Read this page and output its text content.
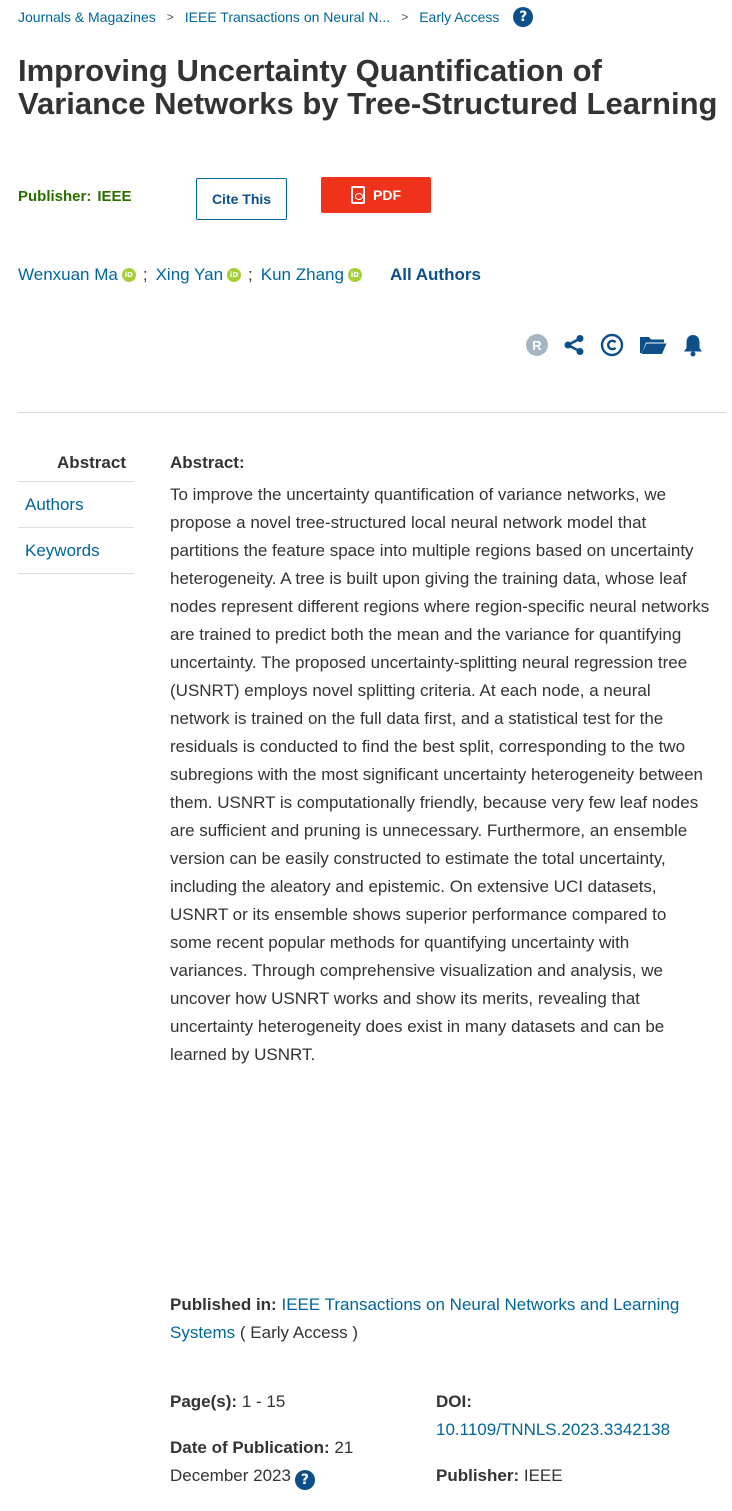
Journals & Magazines > IEEE Transactions on Neural N... > Early Access	?
Improving Uncertainty Quantification of Variance Networks by Tree-Structured Learning
Publisher: IEEE	Cite This	PDF
Wenxuan Ma iD ; Xing Yan iD ; Kun Zhang iD All Authors
R
Abstract
Authors
Keywords
Abstract:
To improve the uncertainty quantification of variance networks, we propose a novel tree-structured local neural network model that partitions the feature space into multiple regions based on uncertainty heterogeneity. A tree is built upon giving the training data, whose leaf nodes represent different regions where region-specific neural networks are trained to predict both the mean and the variance for quantifying uncertainty. The proposed uncertainty-splitting neural regression tree (USNRT) employs novel splitting criteria. At each node, a neural network is trained on the full data first, and a statistical test for the residuals is conducted to find the best split, corresponding to the two subregions with the most significant uncertainty heterogeneity between them. USNRT is computationally friendly, because very few leaf nodes are sufficient and pruning is unnecessary. Furthermore, an ensemble version can be easily constructed to estimate the total uncertainty, including the aleatory and epistemic. On extensive UCI datasets, USNRT or its ensemble shows superior performance compared to some recent popular methods for quantifying uncertainty with variances. Through comprehensive visualization and analysis, we uncover how USNRT works and show its merits, revealing that uncertainty heterogeneity does exist in many datasets and can be learned by USNRT.
Published in: IEEE Transactions on Neural Networks and Learning Systems ( Early Access )
Page(s): 1 - 15
Date of Publication: 21 December 2023 ?
DOI:
10.1109/TNNLS.2023.3342138
Publisher: IEEE
